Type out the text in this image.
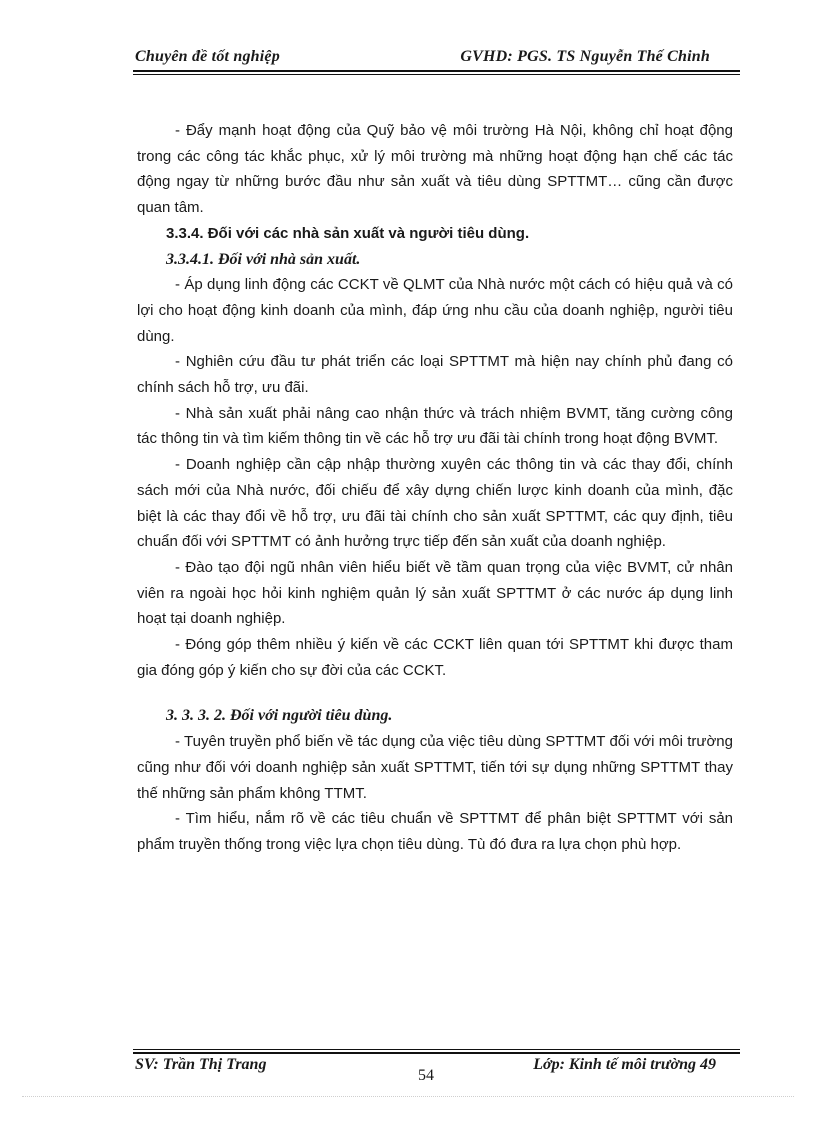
Chuyên đề tốt nghiệp	GVHD: PGS. TS Nguyễn Thế Chinh

- Đẩy mạnh hoạt động của Quỹ bảo vệ môi trường Hà Nội, không chỉ hoạt động trong các công tác khắc phục, xử lý môi trường mà những hoạt động hạn chế các tác động ngay từ những bước đầu như sản xuất và tiêu dùng SPTTMT… cũng cần được quan tâm.

3.3.4. Đối với các nhà sản xuất và người tiêu dùng.

3.3.4.1. Đối với nhà sản xuất.

- Áp dụng linh động các CCKT về QLMT của Nhà nước một cách có hiệu quả và có lợi cho hoạt động kinh doanh của mình, đáp ứng nhu cầu của doanh nghiệp, người tiêu dùng.

- Nghiên cứu đầu tư phát triển các loại SPTTMT mà hiện nay chính phủ đang có chính sách hỗ trợ, ưu đãi.

- Nhà sản xuất phải nâng cao nhận thức và trách nhiệm BVMT, tăng cường công tác thông tin và tìm kiếm thông tin về các hỗ trợ ưu đãi tài chính trong hoạt động BVMT.

- Doanh nghiệp cần cập nhập thường xuyên các thông tin và các thay đổi, chính sách mới của Nhà nước, đối chiếu để xây dựng chiến lược kinh doanh của mình, đặc biệt là các thay đổi về hỗ trợ, ưu đãi tài chính cho sản xuất SPTTMT, các quy định, tiêu chuẩn đối với SPTTMT có ảnh hưởng trực tiếp đến sản xuất của doanh nghiệp.

- Đào tạo đội ngũ nhân viên hiểu biết về tầm quan trọng của việc BVMT, cử nhân viên ra ngoài học hỏi kinh nghiệm quản lý sản xuất SPTTMT ở các nước áp dụng linh hoạt tại doanh nghiệp.

- Đóng góp thêm nhiều ý kiến về các CCKT liên quan tới SPTTMT khi được tham gia đóng góp ý kiến cho sự đời của các CCKT.

3. 3. 3. 2. Đối với người tiêu dùng.

- Tuyên truyền phổ biến về tác dụng của việc tiêu dùng SPTTMT đối với môi trường cũng như đối với doanh nghiệp sản xuất SPTTMT, tiến tới sự dụng những SPTTMT thay thế những sản phẩm không TTMT.

- Tìm hiểu, nắm rõ về các tiêu chuẩn về SPTTMT để phân biệt SPTTMT với sản phẩm truyền thống trong việc lựa chọn tiêu dùng. Tù đó đưa ra lựa chọn phù hợp.

SV: Trần Thị Trang
54
Lớp: Kinh tế môi trường 49
